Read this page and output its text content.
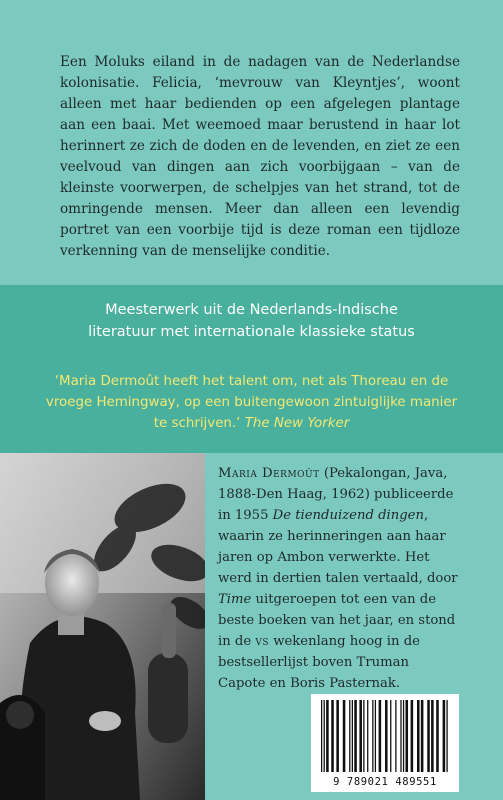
Een Moluks eiland in de nadagen van de Nederlandse kolonisatie. Felicia, ‘mevrouw van Kleyntjes’, woont alleen met haar bedienden op een afgelegen plantage aan een baai. Met weemoed maar berustend in haar lot herinnert ze zich de doden en de levenden, en ziet ze een veelvoud van dingen aan zich voorbijgaan – van de kleinste voorwerpen, de schelpjes van het strand, tot de omringende mensen. Meer dan alleen een levendig portret van een voorbije tijd is deze roman een tijdloze verkenning van de menselijke conditie.

Meesterwerk uit de Nederlands-Indische
literatuur met internationale klassieke status

‘Maria Dermoût heeft het talent om, net als Thoreau en de vroege Hemingway, op een buitengewoon zintuiglijke manier te schrijven.’ The New Yorker

Maria Dermoût (Pekalongan, Java, 1888-Den Haag, 1962) publiceerde in 1955 De tienduizend dingen, waarin ze herinneringen aan haar jaren op Ambon verwerkte. Het werd in dertien talen vertaald, door Time uitgeroepen tot een van de beste boeken van het jaar, en stond in de vs wekenlang hoog in de bestsellerlijst boven Truman Capote en Boris Pasternak.

9 789021 489551
